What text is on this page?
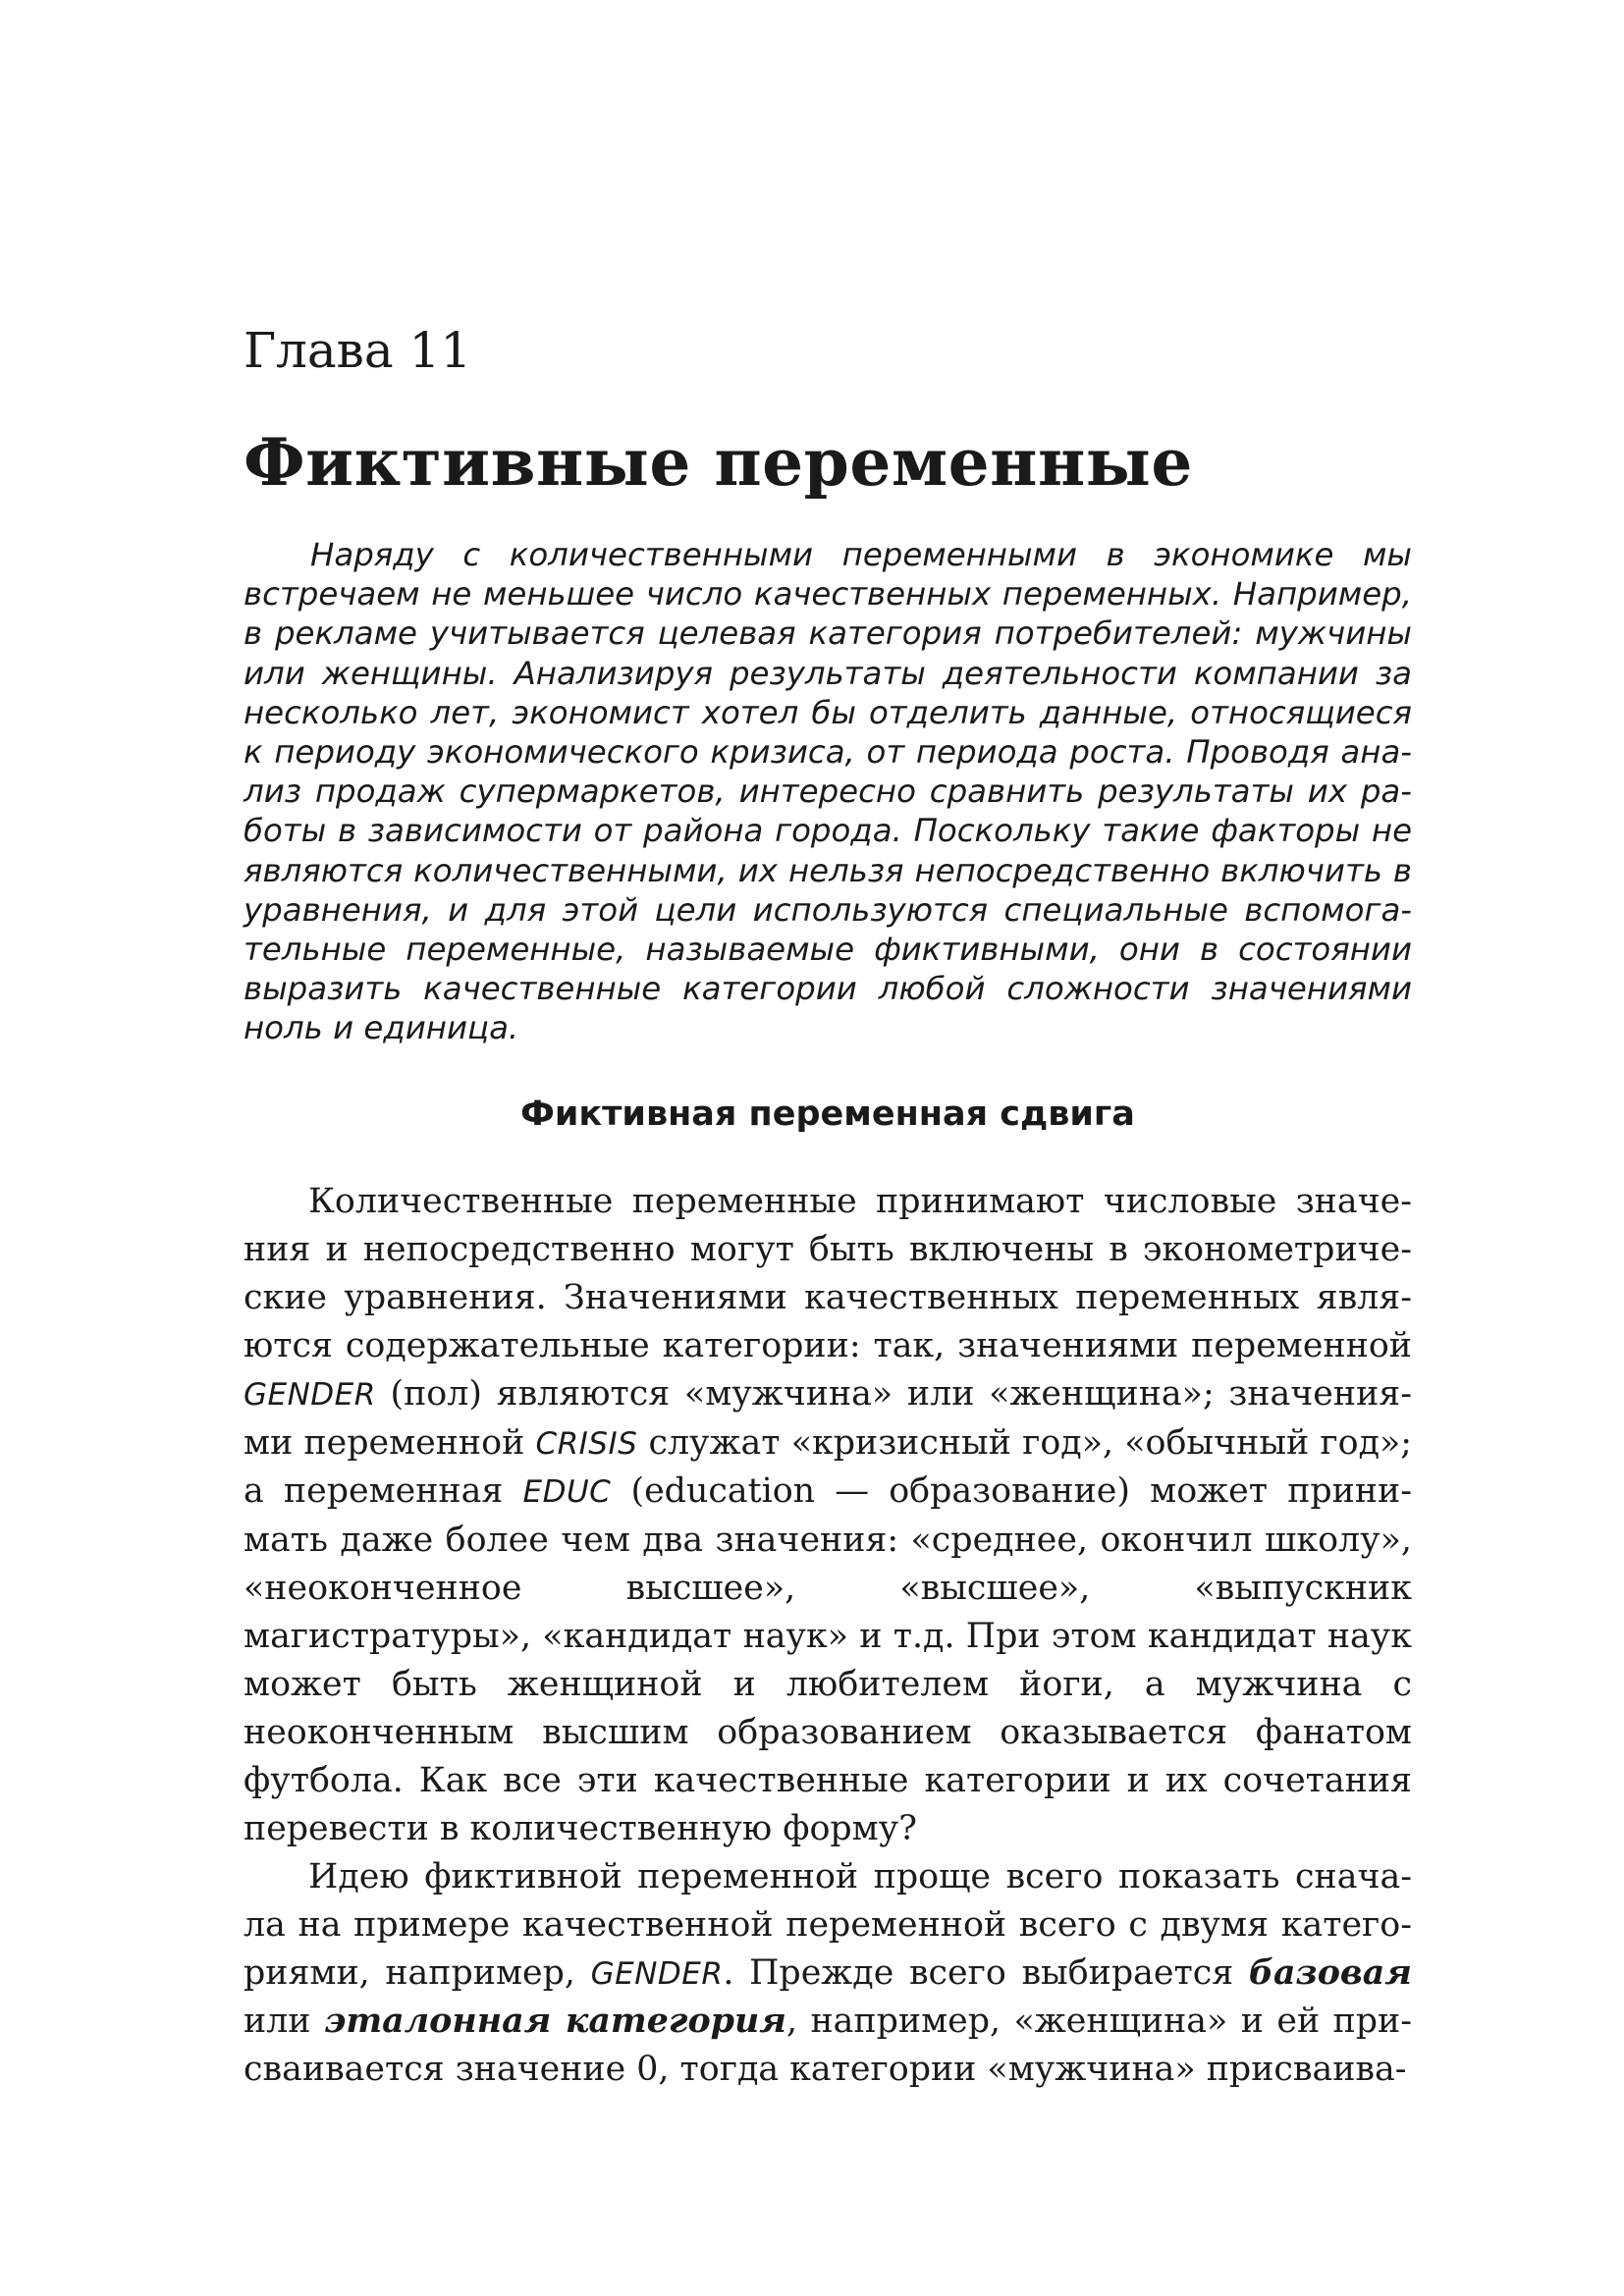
Глава 11
Фиктивные переменные

Наряду с количественными переменными в экономике мы встречаем не меньшее число качественных переменных. Например, в рекламе учитывается целевая категория потребителей: мужчины или женщины. Анализируя результаты деятельности компании за несколько лет, экономист хотел бы отделить данные, относящиеся к периоду экономического кризиса, от периода роста. Проводя анализ продаж супермаркетов, интересно сравнить результаты их работы в зависимости от района города. Поскольку такие факторы не являются количественными, их нельзя непосредственно включить в уравнения, и для этой цели используются специальные вспомогательные переменные, называемые фиктивными, они в состоянии выразить качественные категории любой сложности значениями ноль и единица.

Фиктивная переменная сдвига

Количественные переменные принимают числовые значения и непосредственно могут быть включены в эконометрические уравнения. Значениями качественных переменных являются содержательные категории: так, значениями переменной GENDER (пол) являются «мужчина» или «женщина»; значениями переменной CRISIS служат «кризисный год», «обычный год»; а переменная EDUC (education — образование) может принимать даже более чем два значения: «среднее, окончил школу», «неоконченное высшее», «высшее», «выпускник магистратуры», «кандидат наук» и т.д. При этом кандидат наук может быть женщиной и любителем йоги, а мужчина с неоконченным высшим образованием оказывается фанатом футбола. Как все эти качественные категории и их сочетания перевести в количественную форму?

Идею фиктивной переменной проще всего показать сначала на примере качественной переменной всего с двумя категориями, например, GENDER. Прежде всего выбирается базовая или эталонная категория, например, «женщина» и ей присваивается значение 0, тогда категории «мужчина» присваива-
